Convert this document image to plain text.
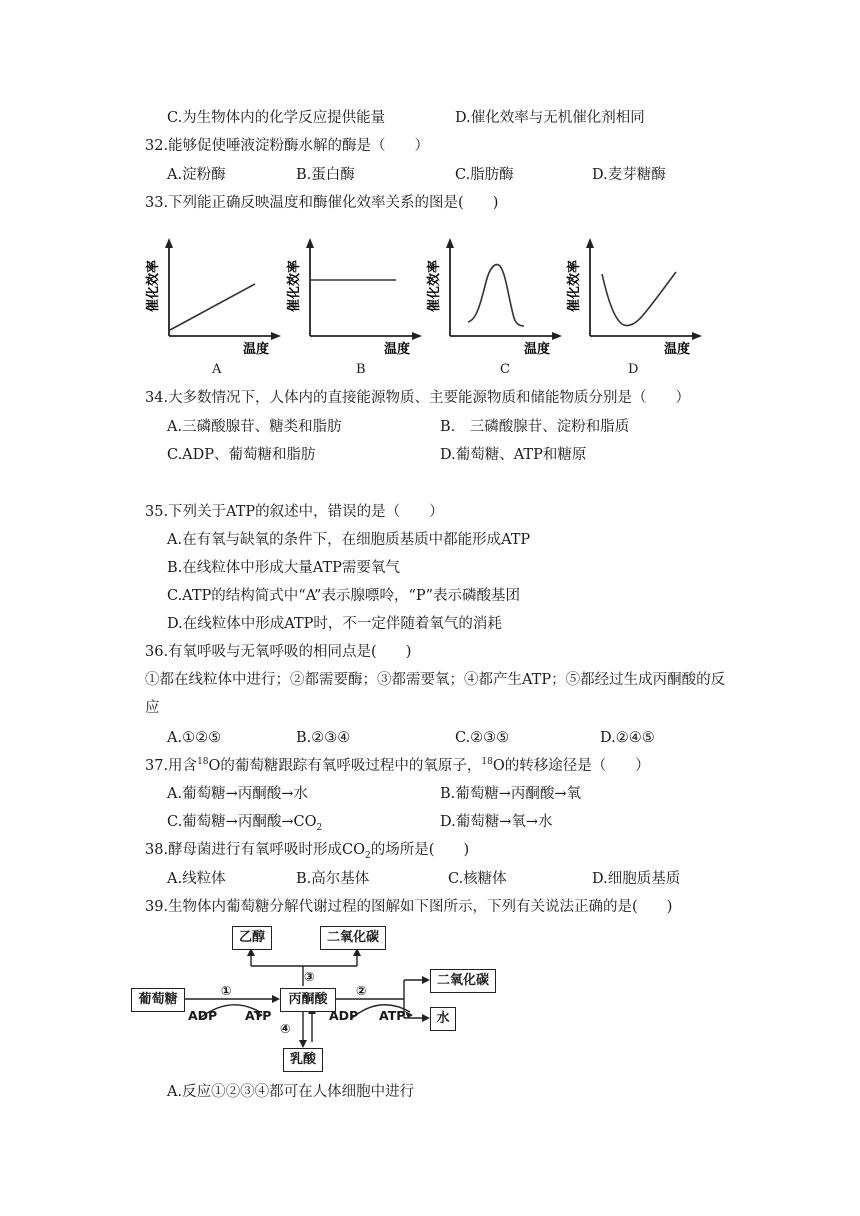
C.为生物体内的化学反应提供能量	D.催化效率与无机催化剂相同
32.能够促使唾液淀粉酶水解的酶是（　　）
A.淀粉酶	B.蛋白酶	C.脂肪酶	D.麦芽糖酶
33.下列能正确反映温度和酶催化效率关系的图是(　　)
催化效率
温度
A
催化效率
温度
B
催化效率
温度
C
催化效率
温度
D
34.大多数情况下，人体内的直接能源物质、主要能源物质和储能物质分别是（　　）
A.三磷酸腺苷、糖类和脂肪	B.　三磷酸腺苷、淀粉和脂质
C.ADP、葡萄糖和脂肪	D.葡萄糖、ATP和糖原
35.下列关于ATP的叙述中，错误的是（　　）
A.在有氧与缺氧的条件下，在细胞质基质中都能形成ATP
B.在线粒体中形成大量ATP需要氧气
C.ATP的结构简式中“A”表示腺嘌呤，“P”表示磷酸基团
D.在线粒体中形成ATP时，不一定伴随着氧气的消耗
36.有氧呼吸与无氧呼吸的相同点是(　　)
①都在线粒体中进行；②都需要酶；③都需要氧；④都产生ATP；⑤都经过生成丙酮酸的反
应
A.①②⑤	B.②③④	C.②③⑤	D.②④⑤
37.用含$^{18}$O的葡萄糖跟踪有氧呼吸过程中的氧原子，$^{18}$O的转移途径是（　　）
A.葡萄糖→丙酮酸→水	B.葡萄糖→丙酮酸→氧
C.葡萄糖→丙酮酸$\to CO_2$	D.葡萄糖→氧→水
38.酵母菌进行有氧呼吸时形成$CO_2$的场所是(　　)
A.线粒体	B.高尔基体	C.核糖体	D.细胞质基质
39.生物体内葡萄糖分解代谢过程的图解如下图所示，下列有关说法正确的是(　　)
乙醇	二氧化碳
葡萄糖	丙酮酸
二氧化碳
水
乳酸
①	②
③
④
ADP ATP	ADP ATP
A.反应①②③④都可在人体细胞中进行
